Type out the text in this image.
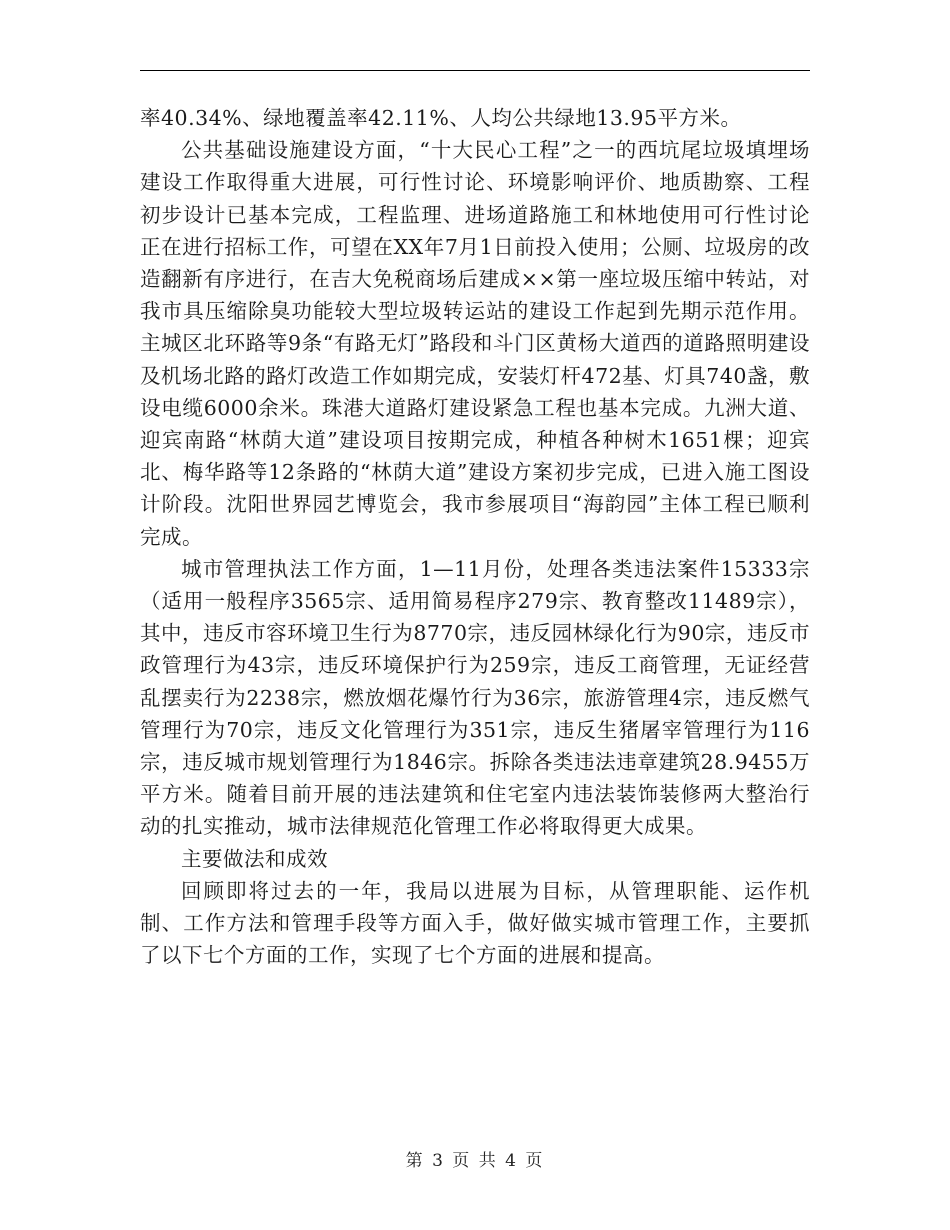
率40.34%、绿地覆盖率42.11%、人均公共绿地13.95平方米。

公共基础设施建设方面，“十大民心工程”之一的西坑尾垃圾填埋场建设工作取得重大进展，可行性讨论、环境影响评价、地质勘察、工程初步设计已基本完成，工程监理、进场道路施工和林地使用可行性讨论正在进行招标工作，可望在XX年7月1日前投入使用；公厕、垃圾房的改造翻新有序进行，在吉大免税商场后建成××第一座垃圾压缩中转站，对我市具压缩除臭功能较大型垃圾转运站的建设工作起到先期示范作用。主城区北环路等9条“有路无灯”路段和斗门区黄杨大道西的道路照明建设及机场北路的路灯改造工作如期完成，安装灯杆472基、灯具740盏，敷设电缆6000余米。珠港大道路灯建设紧急工程也基本完成。九洲大道、迎宾南路“林荫大道”建设项目按期完成，种植各种树木1651棵；迎宾北、梅华路等12条路的“林荫大道”建设方案初步完成，已进入施工图设计阶段。沈阳世界园艺博览会，我市参展项目“海韵园”主体工程已顺利完成。

城市管理执法工作方面，1—11月份，处理各类违法案件15333宗（适用一般程序3565宗、适用简易程序279宗、教育整改11489宗），其中，违反市容环境卫生行为8770宗，违反园林绿化行为90宗，违反市政管理行为43宗，违反环境保护行为259宗，违反工商管理，无证经营乱摆卖行为2238宗，燃放烟花爆竹行为36宗，旅游管理4宗，违反燃气管理行为70宗，违反文化管理行为351宗，违反生猪屠宰管理行为116宗，违反城市规划管理行为1846宗。拆除各类违法违章建筑28.9455万平方米。随着目前开展的违法建筑和住宅室内违法装饰装修两大整治行动的扎实推动，城市法律规范化管理工作必将取得更大成果。

主要做法和成效

回顾即将过去的一年，我局以进展为目标，从管理职能、运作机制、工作方法和管理手段等方面入手，做好做实城市管理工作，主要抓了以下七个方面的工作，实现了七个方面的进展和提高。

第 3 页 共 4 页
